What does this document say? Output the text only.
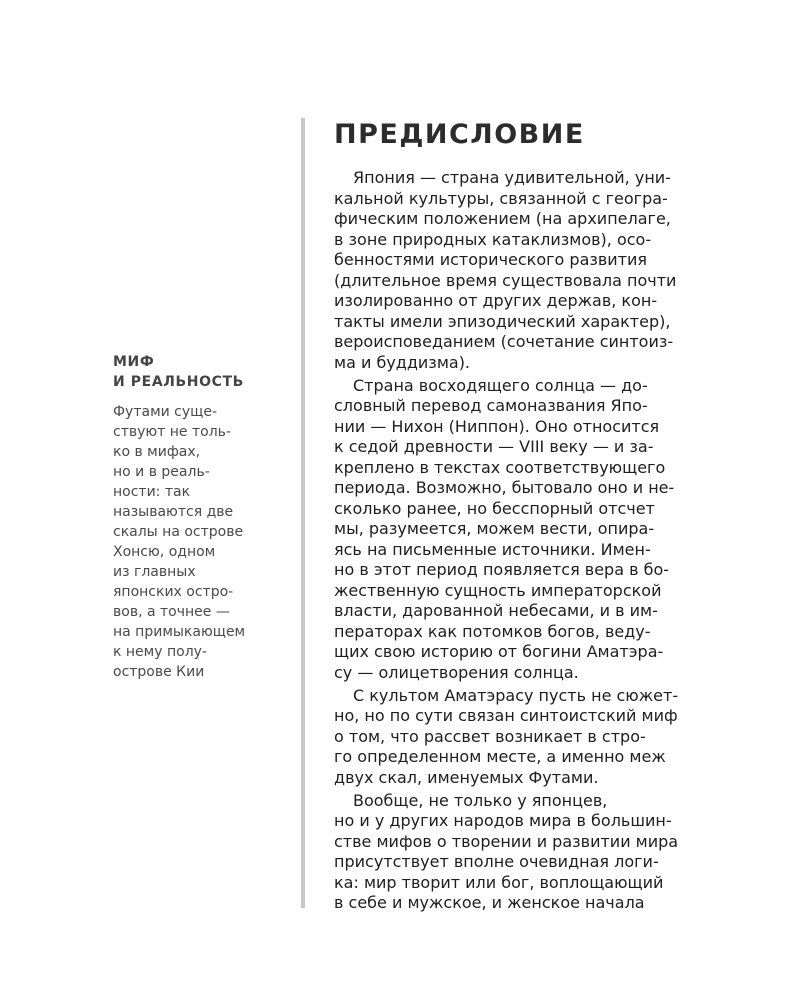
МИФ
И РЕАЛЬНОСТЬ

Футами суще-
ствуют не толь-
ко в мифах,
но и в реаль-
ности: так
называются две
скалы на острове
Хонсю, одном
из главных
японских остро-
вов, а точнее —
на примыкающем
к нему полу-
острове Кии

ПРЕДИСЛОВИЕ

Япония — страна удивительной, уни-
кальной культуры, связанной с геогра-
фическим положением (на архипелаге,
в зоне природных катаклизмов), осо-
бенностями исторического развития
(длительное время существовала почти
изолированно от других держав, кон-
такты имели эпизодический характер),
вероисповеданием (сочетание синтоиз-
ма и буддизма).

Страна восходящего солнца — до-
словный перевод самоназвания Япо-
нии — Нихон (Ниппон). Оно относится
к седой древности — VIII веку — и за-
креплено в текстах соответствующего
периода. Возможно, бытовало оно и не-
сколько ранее, но бесспорный отсчет
мы, разумеется, можем вести, опира-
ясь на письменные источники. Имен-
но в этот период появляется вера в бо-
жественную сущность императорской
власти, дарованной небесами, и в им-
ператорах как потомков богов, веду-
щих свою историю от богини Аматэра-
су — олицетворения солнца.

С культом Аматэрасу пусть не сюжет-
но, но по сути связан синтоистский миф
о том, что рассвет возникает в стро-
го определенном месте, а именно меж
двух скал, именуемых Футами.

Вообще, не только у японцев,
но и у других народов мира в большин-
стве мифов о творении и развитии мира
присутствует вполне очевидная логи-
ка: мир творит или бог, воплощающий
в себе и мужское, и женское начала
